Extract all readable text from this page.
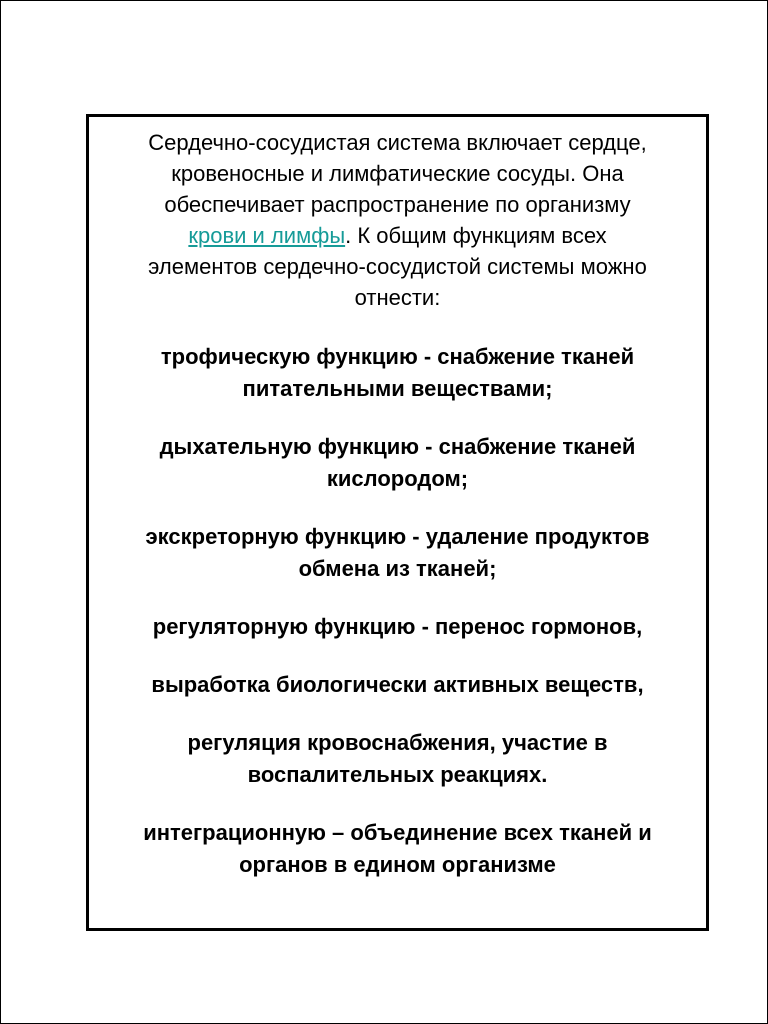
Сердечно-сосудистая система включает сердце,
кровеносные и лимфатические сосуды. Она
обеспечивает распространение по организму
крови и лимфы. К общим функциям всех
элементов сердечно-сосудистой системы можно
отнести:
трофическую функцию - снабжение тканей
питательными веществами;
дыхательную функцию - снабжение тканей
кислородом;
экскреторную функцию - удаление продуктов
обмена из тканей;
регуляторную функцию - перенос гормонов,
выработка биологически активных веществ,
регуляция кровоснабжения, участие в
воспалительных реакциях.
интеграционную – объединение всех тканей и
органов в едином организме
